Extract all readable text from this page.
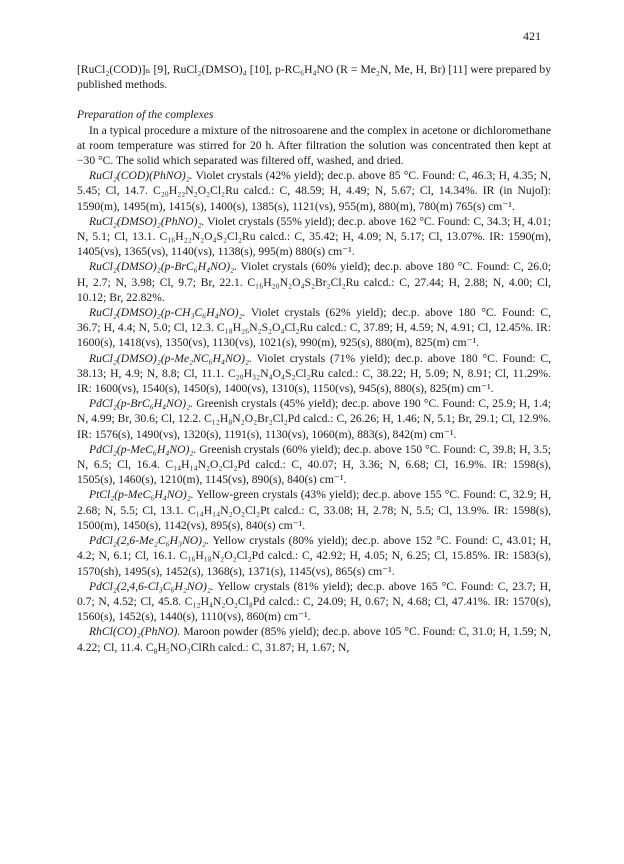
421

[RuCl₂(COD)]ₙ [9], RuCl₂(DMSO)₄ [10], p-RC₆H₄NO (R = Me₂N, Me, H, Br) [11] were prepared by published methods.

Preparation of the complexes

In a typical procedure a mixture of the nitrosoarene and the complex in acetone or dichloromethane at room temperature was stirred for 20 h. After filtration the solution was concentrated then kept at −30 °C. The solid which separated was filtered off, washed, and dried.

RuCl₂(COD)(PhNO)₂. Violet crystals (42% yield); dec.p. above 85 °C. Found: C, 46.3; H, 4.35; N, 5.45; Cl, 14.7. C₂₀H₂₂N₂O₂Cl₂Ru calcd.: C, 48.59; H, 4.49; N, 5.67; Cl, 14.34%. IR (in Nujol): 1590(m), 1495(m), 1415(s), 1400(s), 1385(s), 1121(vs), 955(m), 880(m), 780(m) 765(s) cm⁻¹.

RuCl₂(DMSO)₂(PhNO)₂. Violet crystals (55% yield); dec.p. above 162 °C. Found: C, 34.3; H, 4.01; N, 5.1; Cl, 13.1. C₁₆H₂₂N₂O₄S₂Cl₂Ru calcd.: C, 35.42; H, 4.09; N, 5.17; Cl, 13.07%. IR: 1590(m), 1405(vs), 1365(vs), 1140(vs), 1138(s), 995(m) 880(s) cm⁻¹.

RuCl₂(DMSO)₂(p-BrC₆H₄NO)₂. Violet crystals (60% yield); dec.p. above 180 °C. Found: C, 26.0; H, 2.7; N, 3.98; Cl, 9.7; Br, 22.1. C₁₆H₂₀N₂O₄S₂Br₂Cl₂Ru calcd.: C, 27.44; H, 2.88; N, 4.00; Cl, 10.12; Br, 22.82%.

RuCl₂(DMSO)₂(p-CH₃C₆H₄NO)₂. Violet crystals (62% yield); dec.p. above 180 °C. Found: C, 36.7; H, 4.4; N, 5.0; Cl, 12.3. C₁₈H₂₆N₂S₂O₄Cl₂Ru calcd.: C, 37.89; H, 4.59; N, 4.91; Cl, 12.45%. IR: 1600(s), 1418(vs), 1350(vs), 1130(vs), 1021(s), 990(m), 925(s), 880(m), 825(m) cm⁻¹.

RuCl₂(DMSO)₂(p-Me₂NC₆H₄NO)₂. Violet crystals (71% yield); dec.p. above 180 °C. Found: C, 38.13; H, 4.9; N, 8.8; Cl, 11.1. C₂₀H₃₂N₄O₄S₂Cl₂Ru calcd.: C, 38.22; H, 5.09; N, 8.91; Cl, 11.29%. IR: 1600(vs), 1540(s), 1450(s), 1400(vs), 1310(s), 1150(vs), 945(s), 880(s), 825(m) cm⁻¹.

PdCl₂(p-BrC₆H₄NO)₂. Greenish crystals (45% yield); dec.p. above 190 °C. Found: C, 25.9; H, 1.4; N, 4.99; Br, 30.6; Cl, 12.2. C₁₂H₈N₂O₂Br₂Cl₂Pd calcd.: C, 26.26; H, 1.46; N, 5.1; Br, 29.1; Cl, 12.9%. IR: 1576(s), 1490(vs), 1320(s), 1191(s), 1130(vs), 1060(m), 883(s), 842(m) cm⁻¹.

PdCl₂(p-MeC₆H₄NO)₂. Greenish crystals (60% yield); dec.p. above 150 °C. Found: C, 39.8; H, 3.5; N, 6.5; Cl, 16.4. C₁₄H₁₄N₂O₂Cl₂Pd calcd.: C, 40.07; H, 3.36; N, 6.68; Cl, 16.9%. IR: 1598(s), 1505(s), 1460(s), 1210(m), 1145(vs), 890(s), 840(s) cm⁻¹.

PtCl₂(p-MeC₆H₄NO)₂. Yellow-green crystals (43% yield); dec.p. above 155 °C. Found: C, 32.9; H, 2.68; N, 5.5; Cl, 13.1. C₁₄H₁₄N₂O₂Cl₂Pt calcd.: C, 33.08; H, 2.78; N, 5.5; Cl, 13.9%. IR: 1598(s), 1500(m), 1450(s), 1142(vs), 895(s), 840(s) cm⁻¹.

PdCl₂(2,6-Me₂C₆H₃NO)₂. Yellow crystals (80% yield); dec.p. above 152 °C. Found: C, 43.01; H, 4.2; N, 6.1; Cl, 16.1. C₁₆H₁₈N₂O₂Cl₂Pd calcd.: C, 42.92; H, 4.05; N, 6.25; Cl, 15.85%. IR: 1583(s), 1570(sh), 1495(s), 1452(s), 1368(s), 1371(s), 1145(vs), 865(s) cm⁻¹.

PdCl₂(2,4,6-Cl₃C₆H₂NO)₂. Yellow crystals (81% yield); dec.p. above 165 °C. Found: C, 23.7; H, 0.7; N, 4.52; Cl, 45.8. C₁₂H₄N₂O₂Cl₈Pd calcd.: C, 24.09; H, 0.67; N, 4.68; Cl, 47.41%. IR: 1570(s), 1560(s), 1452(s), 1440(s), 1110(vs), 860(m) cm⁻¹.

RhCl(CO)₂(PhNO). Maroon powder (85% yield); dec.p. above 105 °C. Found: C, 31.0; H, 1.59; N, 4.22; Cl, 11.4. C₈H₅NO₃ClRh calcd.: C, 31.87; H, 1.67; N,
